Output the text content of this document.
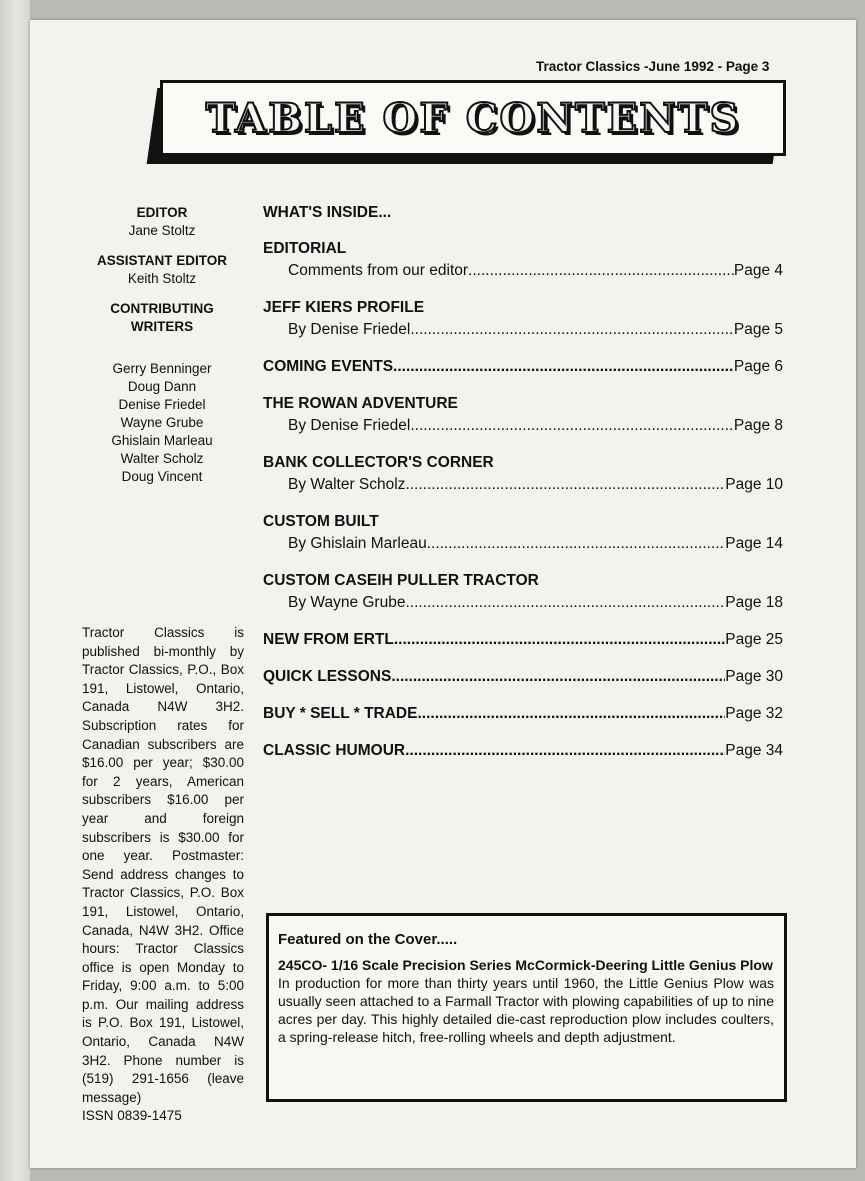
Tractor Classics -June 1992 - Page 3
TABLE OF CONTENTS
EDITOR
Jane Stoltz
ASSISTANT EDITOR
Keith Stoltz
CONTRIBUTING
WRITERS
Gerry Benninger
Doug Dann
Denise Friedel
Wayne Grube
Ghislain Marleau
Walter Scholz
Doug Vincent
Tractor Classics is published bi-monthly by Tractor Classics, P.O., Box 191, Listowel, Ontario, Canada N4W 3H2. Subscription rates for Canadian subscribers are $16.00 per year; $30.00 for 2 years, American subscribers $16.00 per year and foreign subscribers is $30.00 for one year. Postmaster: Send address changes to Tractor Classics, P.O. Box 191, Listowel, Ontario, Canada, N4W 3H2. Office hours: Tractor Classics office is open Monday to Friday, 9:00 a.m. to 5:00 p.m. Our mailing address is P.O. Box 191, Listowel, Ontario, Canada N4W 3H2. Phone number is (519) 291-1656 (leave message)
ISSN 0839-1475
WHAT'S INSIDE...
EDITORIAL
Comments from our editor .....	Page 4
JEFF KIERS PROFILE
By Denise Friedel .....	Page 5
COMING EVENTS .....	Page 6
THE ROWAN ADVENTURE
By Denise Friedel .....	Page 8
BANK COLLECTOR'S CORNER
By Walter Scholz .....	Page 10
CUSTOM BUILT
By Ghislain Marleau .....	Page 14
CUSTOM CASEIH PULLER TRACTOR
By Wayne Grube .....	Page 18
NEW FROM ERTL .....	Page 25
QUICK LESSONS .....	Page 30
BUY * SELL * TRADE .....	Page 32
CLASSIC HUMOUR .....	Page 34
Featured on the Cover.....
245CO- 1/16 Scale Precision Series McCormick-Deering Little Genius Plow
In production for more than thirty years until 1960, the Little Genius Plow was usually seen attached to a Farmall Tractor with plowing capabilities of up to nine acres per day. This highly detailed die-cast reproduction plow includes coulters, a spring-release hitch, free-rolling wheels and depth adjustment.
